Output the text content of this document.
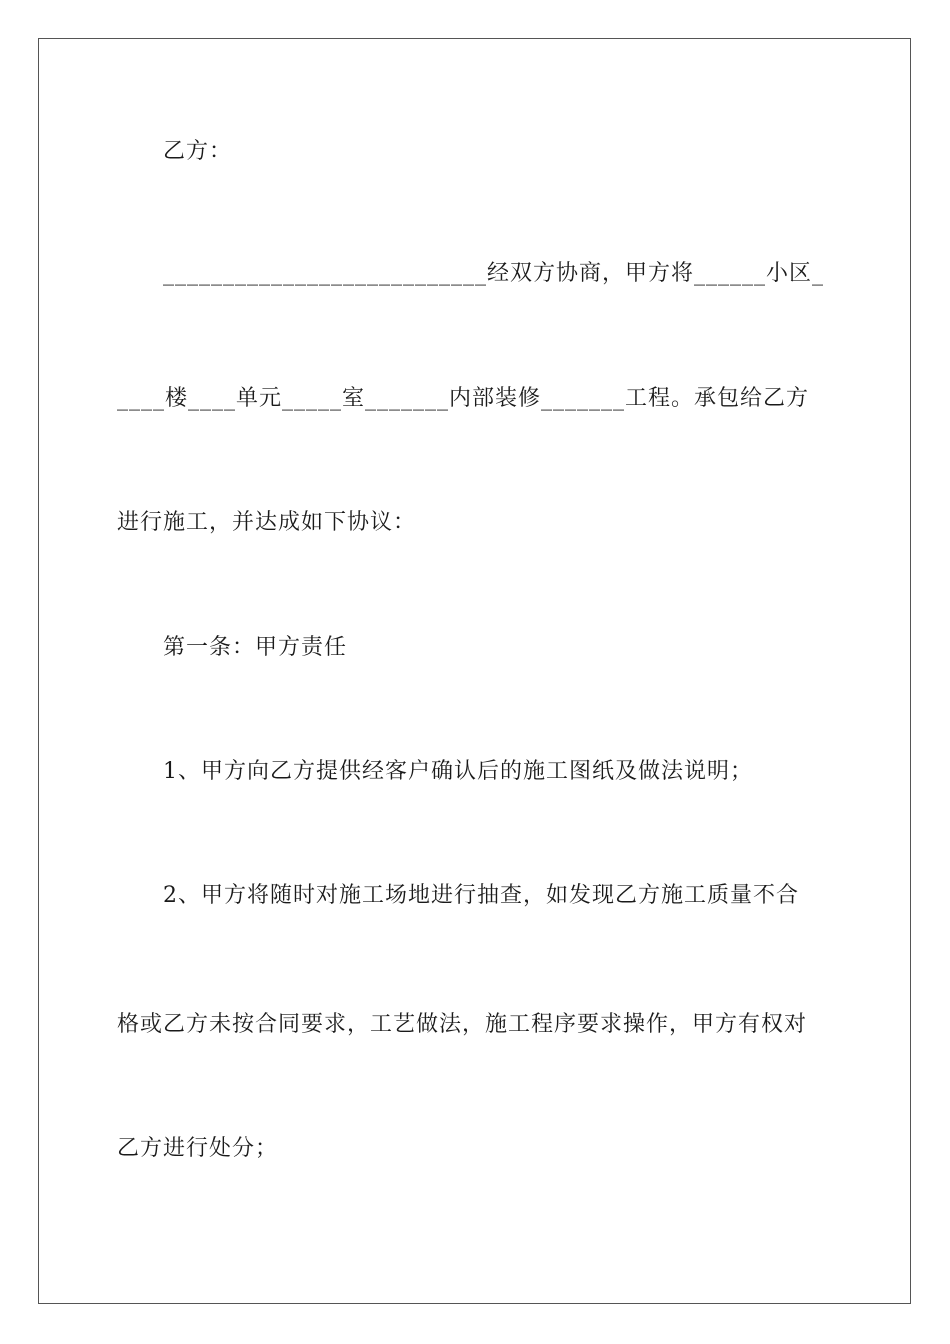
乙方：
___________________________经双方协商，甲方将______小区_
____楼____单元_____室_______内部装修_______工程。承包给乙方
进行施工，并达成如下协议：
第一条：甲方责任
1、甲方向乙方提供经客户确认后的施工图纸及做法说明；
2、甲方将随时对施工场地进行抽查，如发现乙方施工质量不合
格或乙方未按合同要求，工艺做法，施工程序要求操作，甲方有权对
乙方进行处分；
